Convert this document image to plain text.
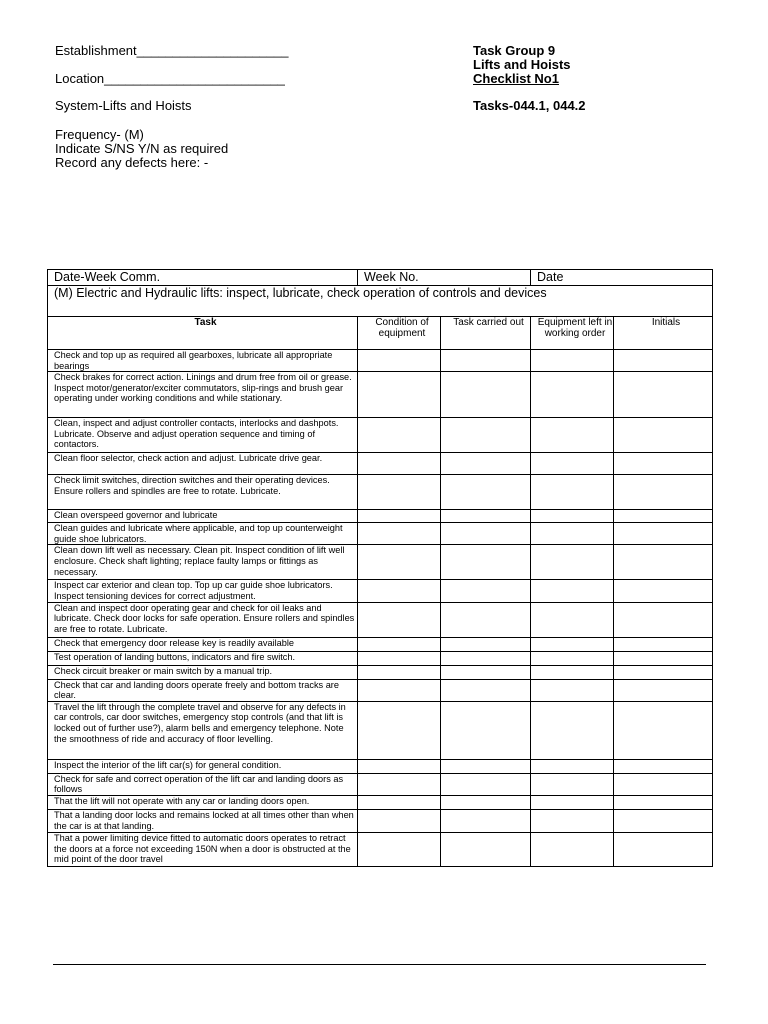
Establishment_____________________
Location_________________________
System-Lifts and Hoists
Frequency- (M)
Indicate S/NS Y/N as required
Record any defects here: -
Task Group 9
Lifts and Hoists
Checklist No1
Tasks-044.1, 044.2
Date-Week Comm.	Week No.		Date	
(M) Electric and Hydraulic lifts: inspect, lubricate, check operation of controls and devices				
Task	Condition of equipment	Task carried out	Equipment left in working order	Initials
Check and top up as required all gearboxes, lubricate all appropriate bearings				
Check brakes for correct action. Linings and drum free from oil or grease. Inspect motor/generator/exciter commutators, slip-rings and brush gear operating under working conditions and while stationary.				
Clean, inspect and adjust controller contacts, interlocks and dashpots. Lubricate. Observe and adjust operation sequence and timing of contactors.				
Clean floor selector, check action and adjust. Lubricate drive gear.				
Check limit switches, direction switches and their operating devices. Ensure rollers and spindles are free to rotate. Lubricate.				
Clean overspeed governor and lubricate				
Clean guides and lubricate where applicable, and top up counterweight guide shoe lubricators.				
Clean down lift well as necessary. Clean pit. Inspect condition of lift well enclosure. Check shaft lighting; replace faulty lamps or fittings as necessary.				
Inspect car exterior and clean top. Top up car guide shoe lubricators. Inspect tensioning devices for correct adjustment.				
Clean and inspect door operating gear and check for oil leaks and lubricate. Check door locks for safe operation. Ensure rollers and spindles are free to rotate. Lubricate.				
Check that emergency door release key is readily available				
Test operation of landing buttons, indicators and fire switch.				
Check circuit breaker or main switch by a manual trip.				
Check that car and landing doors operate freely and bottom tracks are clear.				
Travel the lift through the complete travel and observe for any defects in car controls, car door switches, emergency stop controls (and that lift is locked out of further use?), alarm bells and emergency telephone. Note the smoothness of ride and accuracy of floor levelling.				
Inspect the interior of the lift car(s) for general condition.				
Check for safe and correct operation of the lift car and landing doors as follows				
That the lift will not operate with any car or landing doors open.				
That a landing door locks and remains locked at all times other than when the car is at that landing.				
That a power limiting device fitted to automatic doors operates to retract the doors at a force not exceeding 150N when a door is obstructed at the mid point of the door travel				
